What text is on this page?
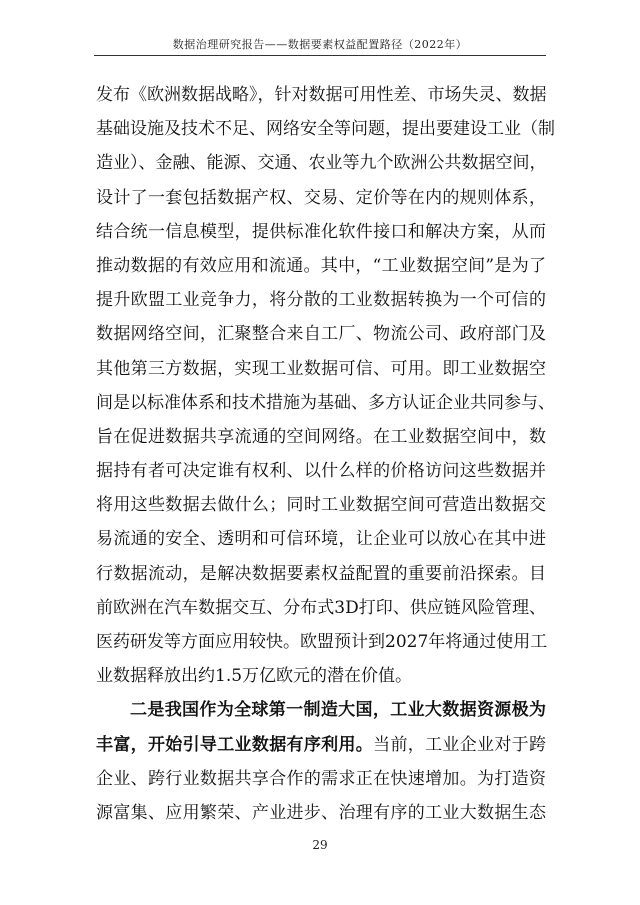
数据治理研究报告——数据要素权益配置路径（2022年）
发布《欧洲数据战略》，针对数据可用性差、市场失灵、数据
基础设施及技术不足、网络安全等问题，提出要建设工业（制
造业）、金融、能源、交通、农业等九个欧洲公共数据空间，
设计了一套包括数据产权、交易、定价等在内的规则体系，
结合统一信息模型，提供标准化软件接口和解决方案，从而
推动数据的有效应用和流通。其中，“工业数据空间”是为了
提升欧盟工业竞争力，将分散的工业数据转换为一个可信的
数据网络空间，汇聚整合来自工厂、物流公司、政府部门及
其他第三方数据，实现工业数据可信、可用。即工业数据空
间是以标准体系和技术措施为基础、多方认证企业共同参与、
旨在促进数据共享流通的空间网络。在工业数据空间中，数
据持有者可决定谁有权利、以什么样的价格访问这些数据并
将用这些数据去做什么；同时工业数据空间可营造出数据交
易流通的安全、透明和可信环境，让企业可以放心在其中进
行数据流动，是解决数据要素权益配置的重要前沿探索。目
前欧洲在汽车数据交互、分布式3D打印、供应链风险管理、
医药研发等方面应用较快。欧盟预计到2027年将通过使用工
业数据释放出约1.5万亿欧元的潜在价值。
二是我国作为全球第一制造大国，工业大数据资源极为
丰富，开始引导工业数据有序利用。当前，工业企业对于跨
企业、跨行业数据共享合作的需求正在快速增加。为打造资
源富集、应用繁荣、产业进步、治理有序的工业大数据生态
29
